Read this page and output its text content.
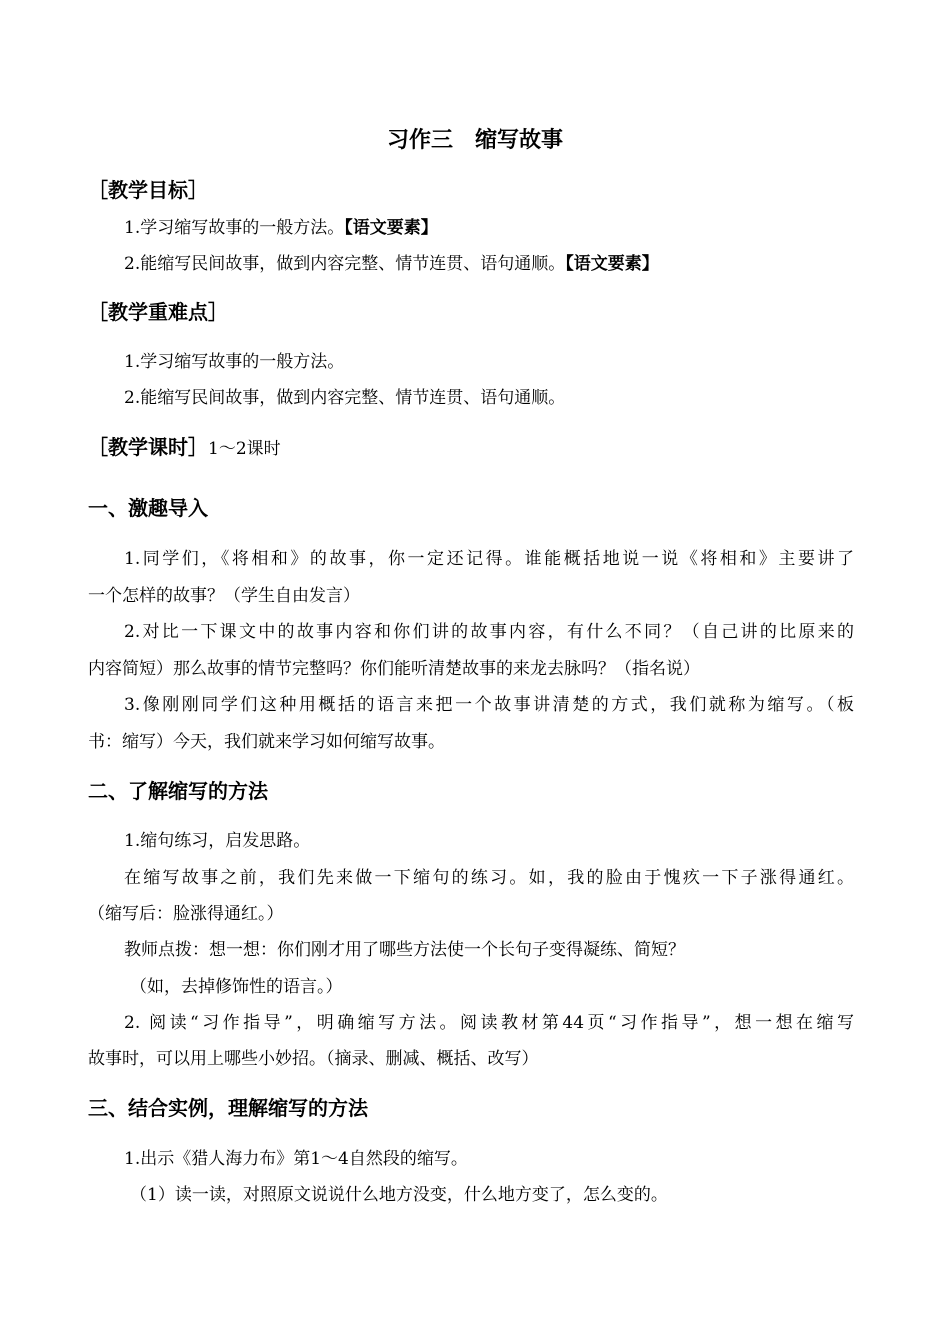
习作三　缩写故事
［教学目标］
1.学习缩写故事的一般方法。【语文要素】
2.能缩写民间故事，做到内容完整、情节连贯、语句通顺。【语文要素】
［教学重难点］
1.学习缩写故事的一般方法。
2.能缩写民间故事，做到内容完整、情节连贯、语句通顺。
［教学课时］1～2课时
一、激趣导入
1.同学们，《将相和》的故事，你一定还记得。谁能概括地说一说《将相和》主要讲了
一个怎样的故事？（学生自由发言）
2.对比一下课文中的故事内容和你们讲的故事内容，有什么不同？（自己讲的比原来的
内容简短）那么故事的情节完整吗？你们能听清楚故事的来龙去脉吗？（指名说）
3.像刚刚同学们这种用概括的语言来把一个故事讲清楚的方式，我们就称为缩写。（板
书：缩写）今天，我们就来学习如何缩写故事。
二、了解缩写的方法
1.缩句练习，启发思路。
在缩写故事之前，我们先来做一下缩句的练习。如，我的脸由于愧疚一下子涨得通红。
（缩写后：脸涨得通红。）
教师点拨：想一想：你们刚才用了哪些方法使一个长句子变得凝练、简短？
（如，去掉修饰性的语言。）
2. 阅读“习作指导”，明确缩写方法。阅读教材第44页“习作指导”，想一想在缩写
故事时，可以用上哪些小妙招。（摘录、删减、概括、改写）
三、结合实例，理解缩写的方法
1.出示《猎人海力布》第1～4自然段的缩写。
（1）读一读，对照原文说说什么地方没变，什么地方变了，怎么变的。
